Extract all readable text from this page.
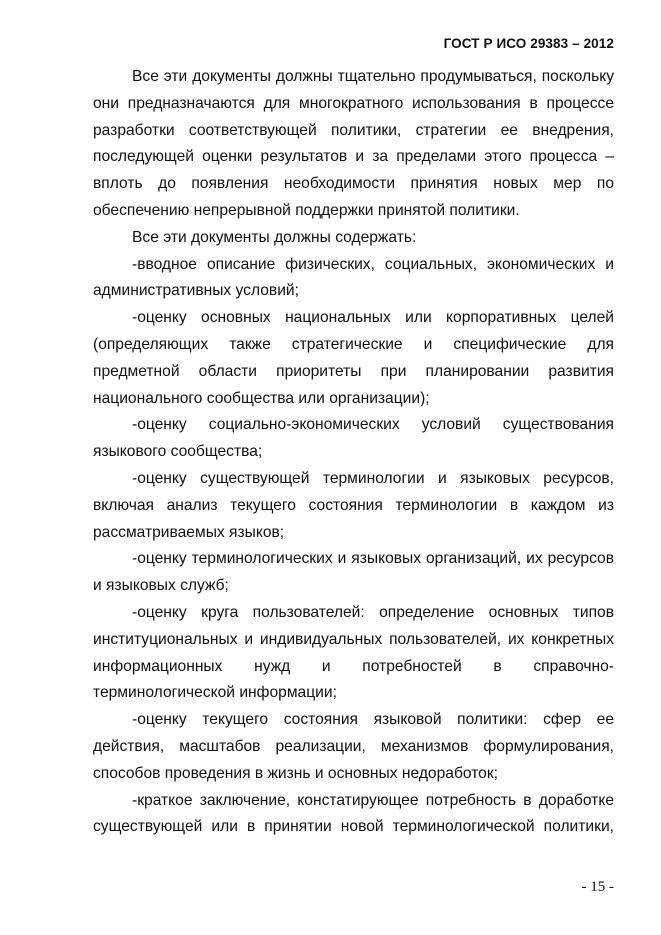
ГОСТ Р ИСО 29383 – 2012

Все эти документы должны тщательно продумываться, поскольку они предназначаются для многократного использования в процессе разработки соответствующей политики, стратегии ее внедрения, последующей оценки результатов и за пределами этого процесса – вплоть до появления необходимости принятия новых мер по обеспечению непрерывной поддержки принятой политики.

Все эти документы должны содержать:

-вводное описание физических, социальных, экономических и административных условий;

-оценку основных национальных или корпоративных целей (определяющих также стратегические и специфические для предметной области приоритеты при планировании развития национального сообщества или организации);

-оценку социально-экономических условий существования языкового сообщества;

-оценку существующей терминологии и языковых ресурсов, включая анализ текущего состояния терминологии в каждом из рассматриваемых языков;

-оценку терминологических и языковых организаций, их ресурсов и языковых служб;

-оценку круга пользователей: определение основных типов институциональных и индивидуальных пользователей, их конкретных информационных нужд и потребностей в справочно-терминологической информации;

-оценку текущего состояния языковой политики: сфер ее действия, масштабов реализации, механизмов формулирования, способов проведения в жизнь и основных недоработок;

-краткое заключение, констатирующее потребность в доработке существующей или в принятии новой терминологической политики,

- 15 -
